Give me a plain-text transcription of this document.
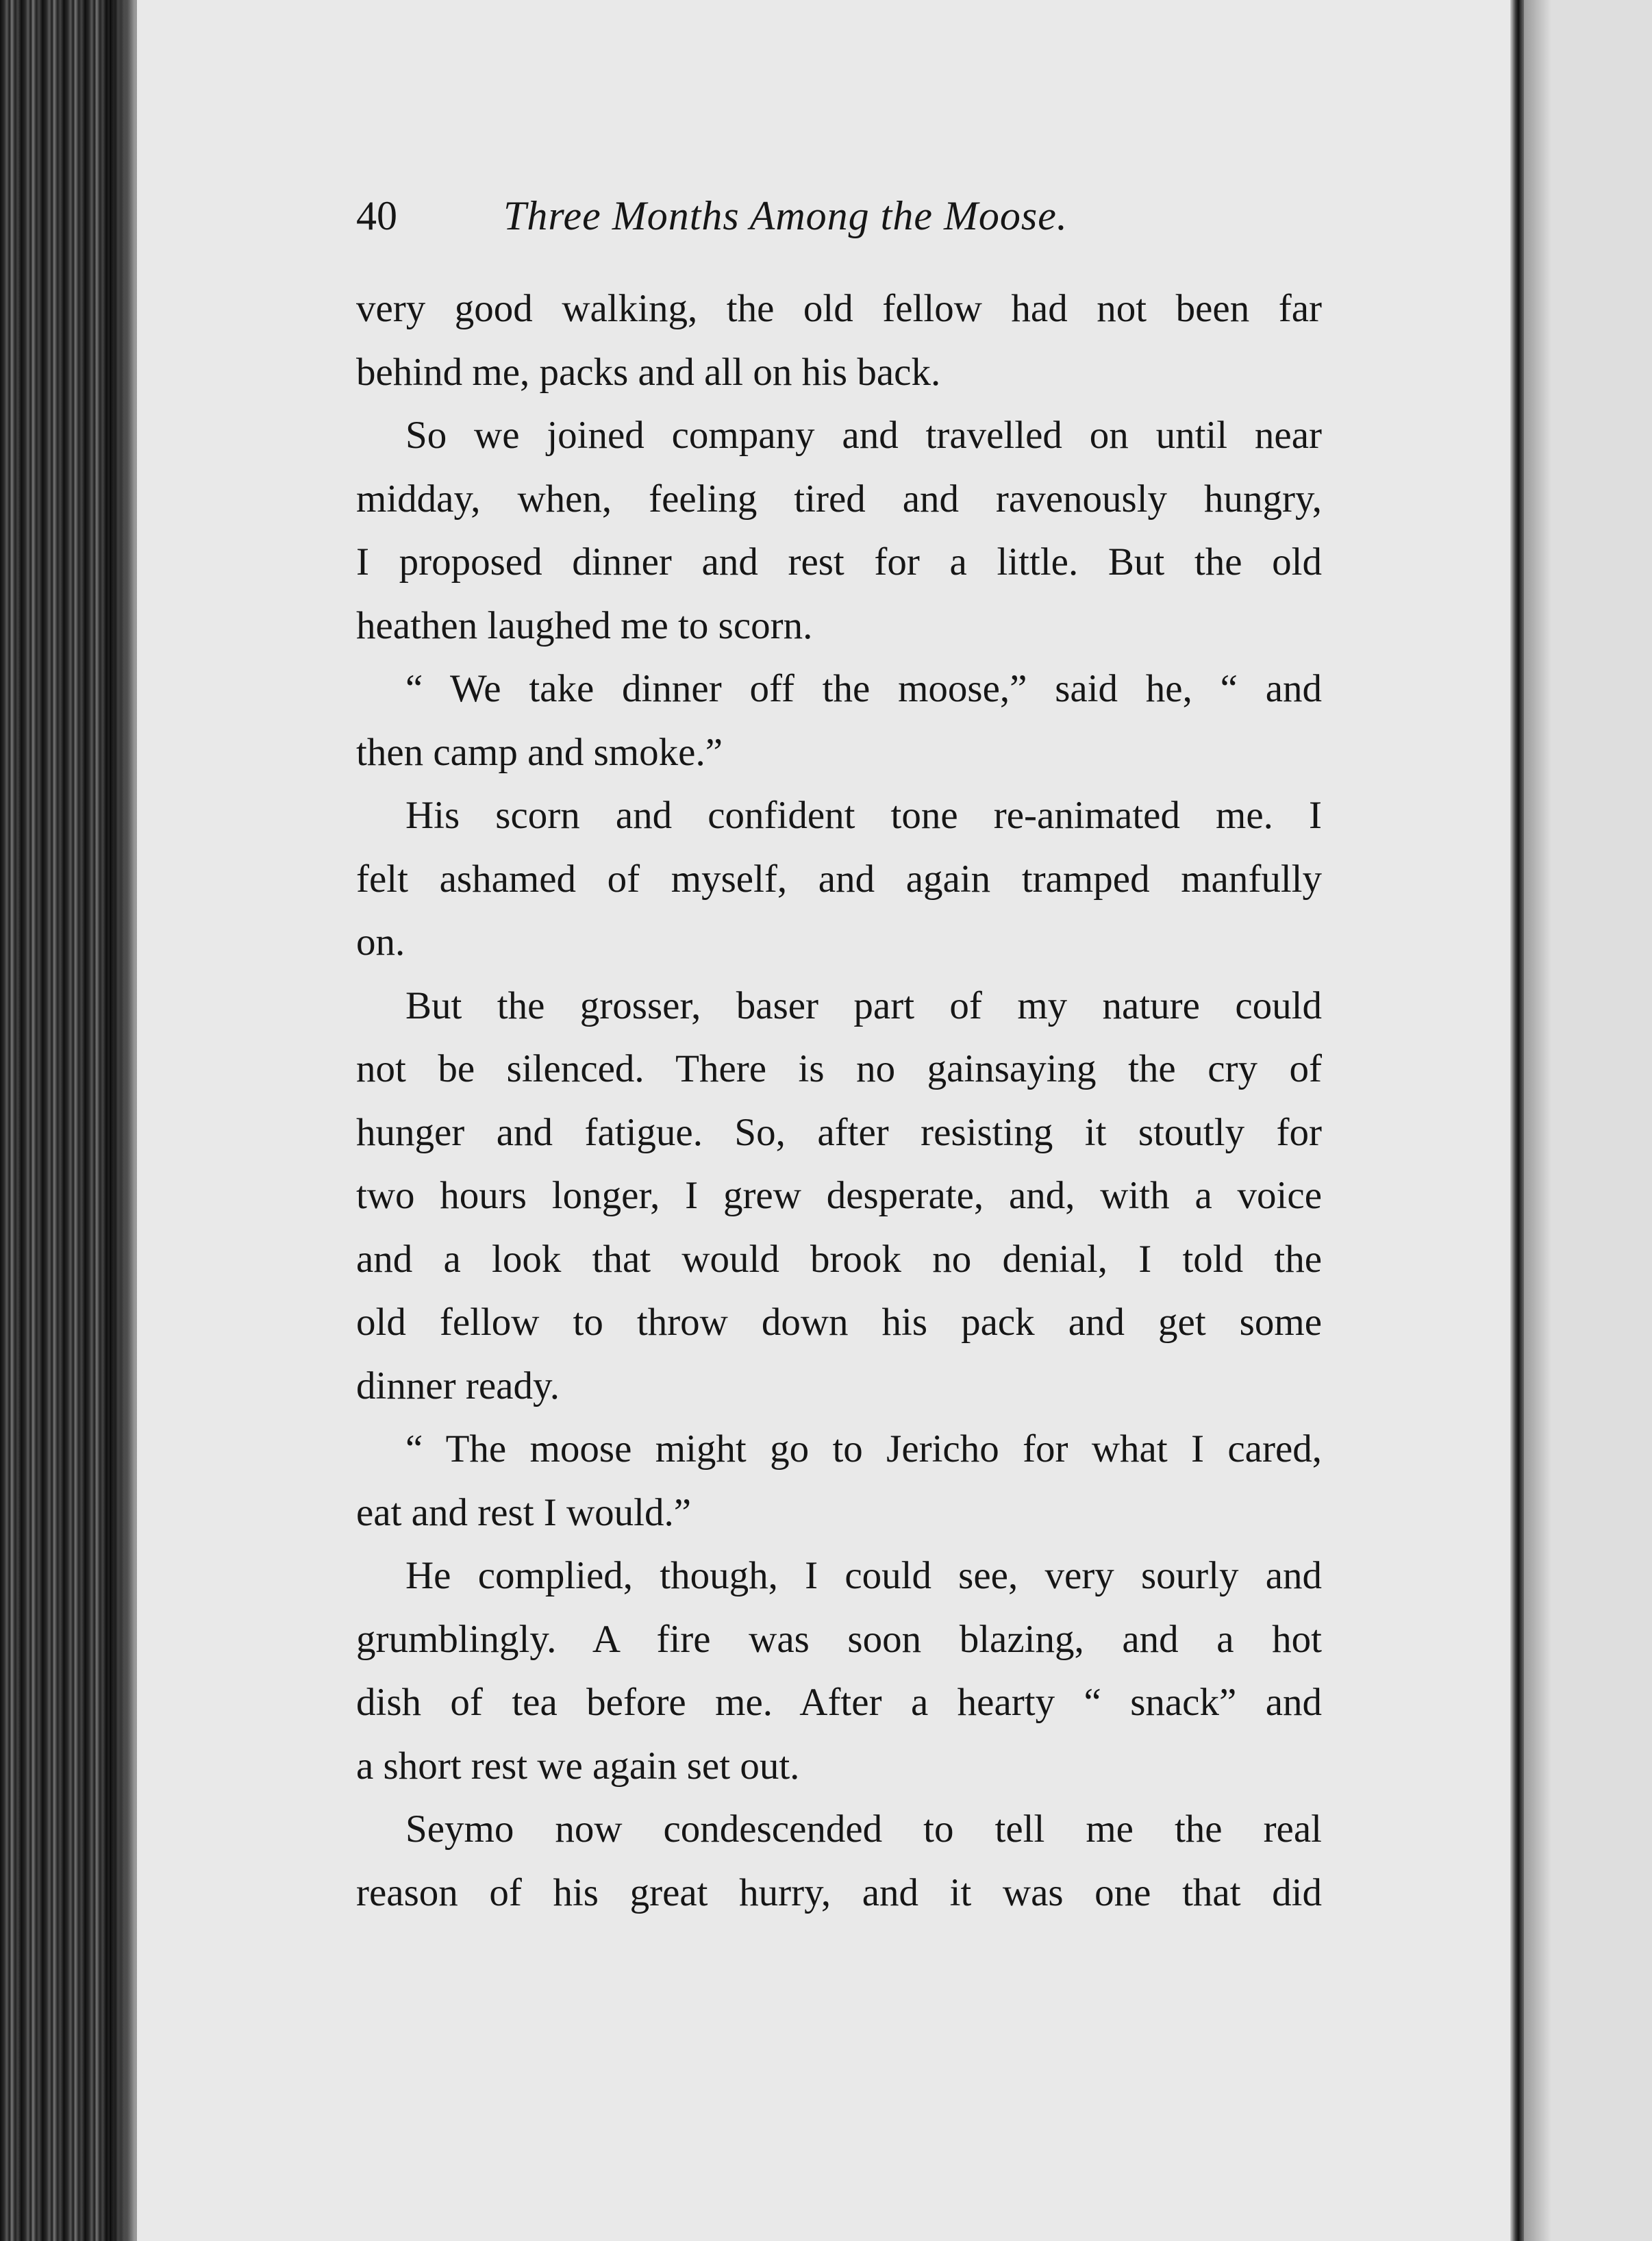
40	Three Months Among the Moose.
very good walking, the old fellow had not been far
behind me, packs and all on his back.
So we joined company and travelled on until near
midday, when, feeling tired and ravenously hungry,
I proposed dinner and rest for a little. But the old
heathen laughed me to scorn.
“ We take dinner off the moose,” said he, “ and
then camp and smoke.”
His scorn and confident tone re-animated me. I
felt ashamed of myself, and again tramped manfully
on.
But the grosser, baser part of my nature could
not be silenced. There is no gainsaying the cry of
hunger and fatigue. So, after resisting it stoutly for
two hours longer, I grew desperate, and, with a voice
and a look that would brook no denial, I told the
old fellow to throw down his pack and get some
dinner ready.
“ The moose might go to Jericho for what I cared,
eat and rest I would.”
He complied, though, I could see, very sourly and
grumblingly. A fire was soon blazing, and a hot
dish of tea before me. After a hearty “ snack” and
a short rest we again set out.
Seymo now condescended to tell me the real
reason of his great hurry, and it was one that did
